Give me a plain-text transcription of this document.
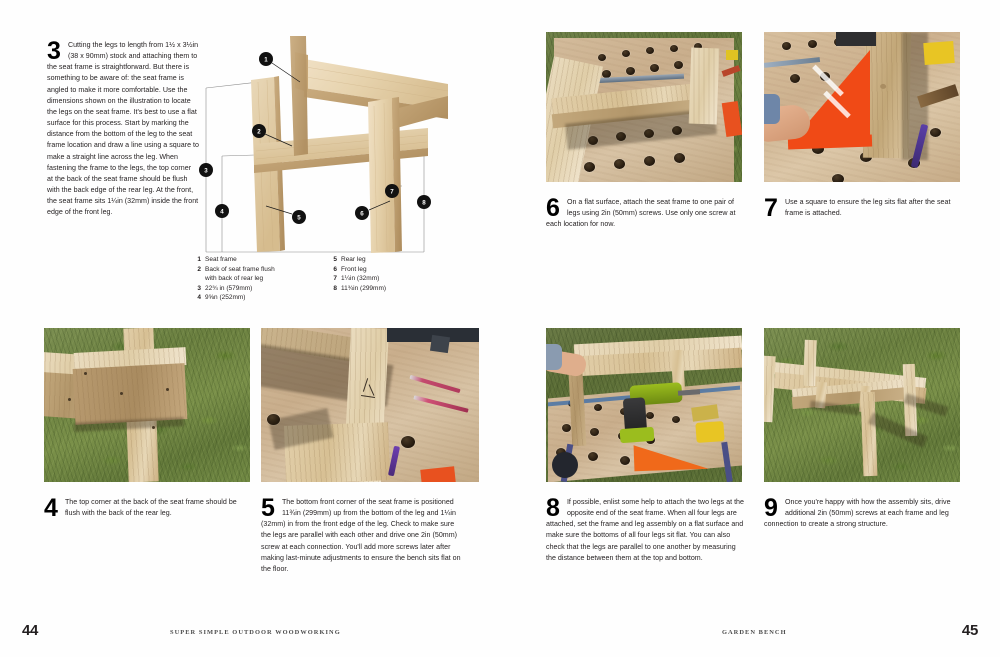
3 Cutting the legs to length from 1½ x 3½in (38 x 90mm) stock and attaching them to the seat frame is straightforward. But there is something to be aware of: the seat frame is angled to make it more comfortable. Use the dimensions shown on the illustration to locate the legs on the seat frame. It's best to use a flat surface for this process. Start by marking the distance from the bottom of the leg to the seat frame location and draw a line using a square to make a straight line across the leg. When fastening the frame to the legs, the top corner at the back of the seat frame should be flush with the back edge of the rear leg. At the front, the seat frame sits 1¼in (32mm) inside the front edge of the front leg.
1
2
3
4
5
6
7
8
1 Seat frame
2 Back of seat frame flush
with back of rear leg
3 22¾ in (579mm)
4 9⅝n (252mm)
5 Rear leg
6 Front leg
7 1¼in (32mm)
8 11¾in (299mm)
4 The top corner at the back of the seat frame should be flush with the back of the rear leg.	5 The bottom front corner of the seat frame is positioned 11¾in (299mm) up from the bottom of the leg and 1¼in (32mm) in from the front edge of the leg. Check to make sure the legs are parallel with each other and drive one 2in (50mm) screw at each connection. You'll add more screws later after making last-minute adjustments to ensure the bench sits flat on the floor.
44	SUPER SIMPLE OUTDOOR WOODWORKING
6 On a flat surface, attach the seat frame to one pair of legs using 2in (50mm) screws. Use only one screw at each location for now.
7 Use a square to ensure the leg sits flat after the seat frame is attached.
8 If possible, enlist some help to attach the two legs at the opposite end of the seat frame. When all four legs are attached, set the frame and leg assembly on a flat surface and make sure the bottoms of all four legs sit flat. You can also check that the legs are parallel to one another by measuring the distance between them at the top and bottom.
9 Once you're happy with how the assembly sits, drive additional 2in (50mm) screws at each frame and leg connection to create a strong structure.
GARDEN BENCH	45
